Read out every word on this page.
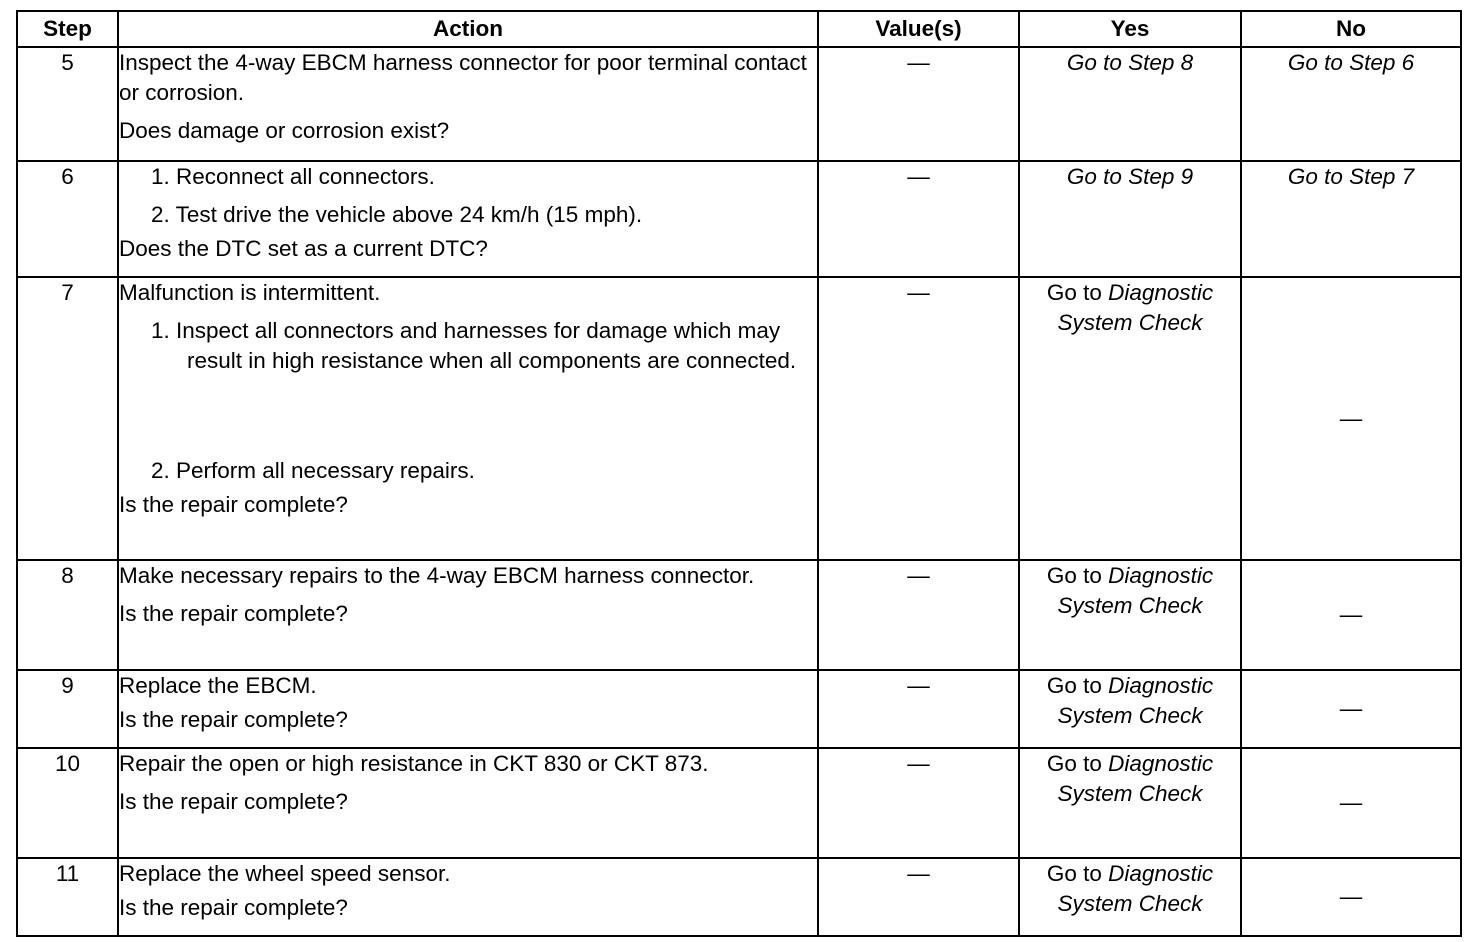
Step	Action	Value(s)	Yes	No
5	Inspect the 4-way EBCM harness connector for poor terminal contact or corrosion.
Does damage or corrosion exist?	—	Go to Step 8	Go to Step 6
6	1. Reconnect all connectors.
2. Test drive the vehicle above 24 km/h (15 mph).
Does the DTC set as a current DTC?	—	Go to Step 9	Go to Step 7
7	Malfunction is intermittent.
1. Inspect all connectors and harnesses for damage which may result in high resistance when all components are connected.
2. Perform all necessary repairs.
Is the repair complete?	—	Go to Diagnostic System Check	—
8	Make necessary repairs to the 4-way EBCM harness connector.
Is the repair complete?	—	Go to Diagnostic System Check	—
9	Replace the EBCM.
Is the repair complete?	—	Go to Diagnostic System Check	—
10	Repair the open or high resistance in CKT 830 or CKT 873.
Is the repair complete?	—	Go to Diagnostic System Check	—
11	Replace the wheel speed sensor.
Is the repair complete?	—	Go to Diagnostic System Check	—
